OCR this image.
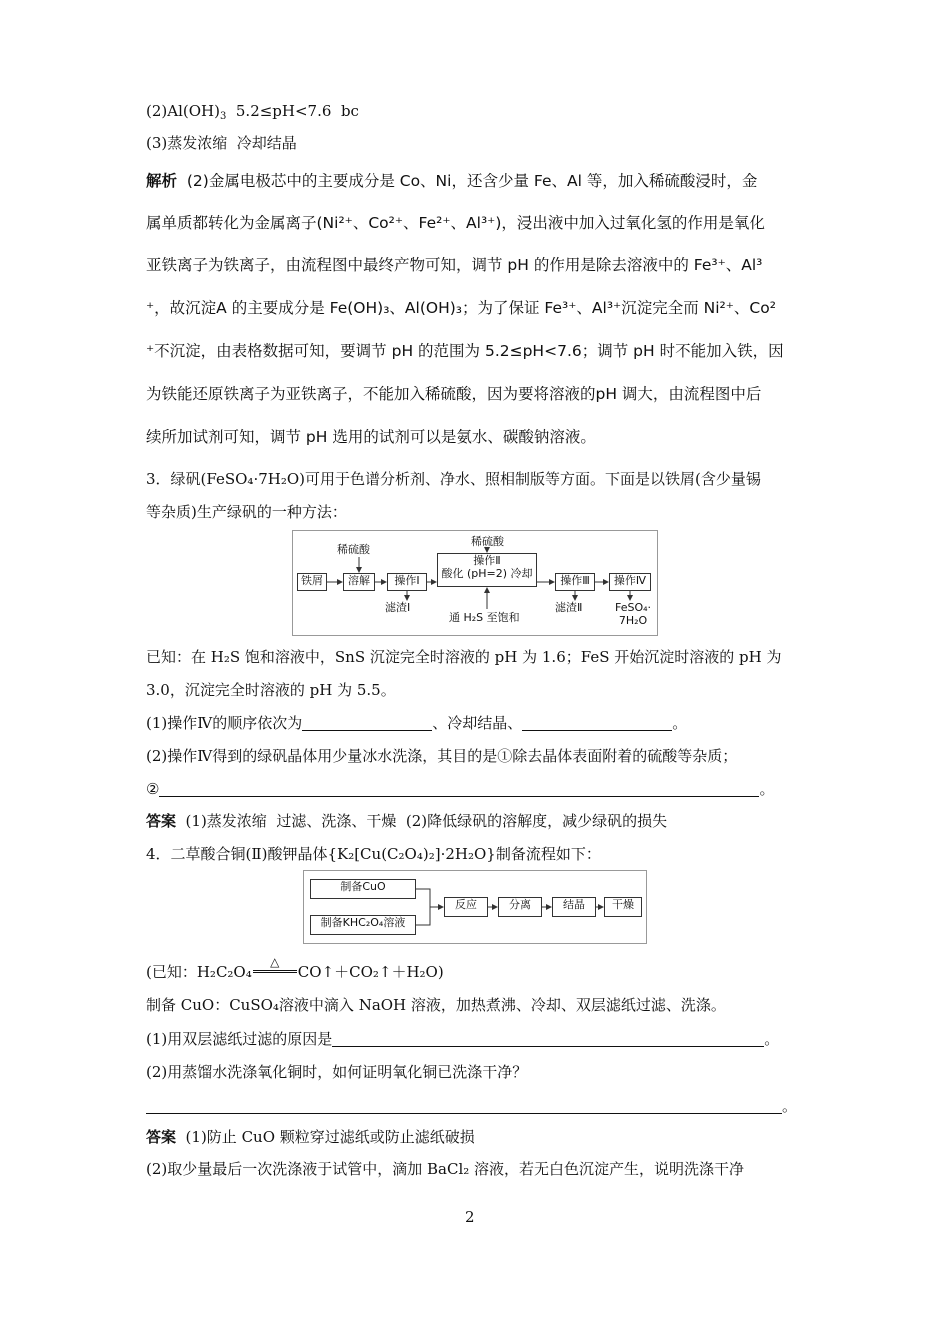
$(2)Al(OH)_3$  5.2≤pH<7.6  bc
(3)蒸发浓缩  冷却结晶
解析  (2)金属电极芯中的主要成分是 Co、Ni，还含少量 Fe、Al 等，加入稀硫酸浸时，金
属单质都转化为金属离子(Ni²⁺、Co²⁺、Fe²⁺、Al³⁺)，浸出液中加入过氧化氢的作用是氧化
亚铁离子为铁离子，由流程图中最终产物可知，调节 pH 的作用是除去溶液中的 Fe³⁺、Al³
⁺，故沉淀A 的主要成分是 Fe(OH)₃、Al(OH)₃；为了保证 Fe³⁺、Al³⁺沉淀完全而 Ni²⁺、Co²
⁺不沉淀，由表格数据可知，要调节 pH 的范围为 5.2≤pH<7.6；调节 pH 时不能加入铁，因
为铁能还原铁离子为亚铁离子，不能加入稀硫酸，因为要将溶液的pH 调大，由流程图中后
续所加试剂可知，调节 pH 选用的试剂可以是氨水、碳酸钠溶液。
3．绿矾(FeSO₄·7H₂O)可用于色谱分析剂、净水、照相制版等方面。下面是以铁屑(含少量锡
等杂质)生产绿矾的一种方法：
稀硫酸
稀硫酸
铁屑	溶解	操作Ⅰ
操作Ⅱ
酸化 (pH=2) 冷却
操作Ⅲ	操作Ⅳ
滤渣Ⅰ
通 H₂S 至饱和
滤渣Ⅱ	FeSO₄·
7H₂O
已知：在 H₂S 饱和溶液中，SnS 沉淀完全时溶液的 pH 为 1.6；FeS 开始沉淀时溶液的 pH 为
3.0，沉淀完全时溶液的 pH 为 5.5。
(1)操作Ⅳ的顺序依次为	、冷却结晶、	。
(2)操作Ⅳ得到的绿矾晶体用少量冰水洗涤，其目的是①除去晶体表面附着的硫酸等杂质；
②	。
答案  (1)蒸发浓缩  过滤、洗涤、干燥  (2)降低绿矾的溶解度，减少绿矾的损失
4．二草酸合铜(Ⅱ)酸钾晶体{K₂[Cu(C₂O₄)₂]·2H₂O}制备流程如下：
制备CuO
制备KHC₂O₄溶液
反应	分离	结晶	干燥
(已知：H₂C₂O₄
△
CO↑＋CO₂↑＋H₂O)
制备 CuO：CuSO₄溶液中滴入 NaOH 溶液，加热煮沸、冷却、双层滤纸过滤、洗涤。
(1)用双层滤纸过滤的原因是	。
(2)用蒸馏水洗涤氧化铜时，如何证明氧化铜已洗涤干净？
。
答案  (1)防止 CuO 颗粒穿过滤纸或防止滤纸破损
(2)取少量最后一次洗涤液于试管中，滴加 BaCl₂ 溶液，若无白色沉淀产生，说明洗涤干净
2
